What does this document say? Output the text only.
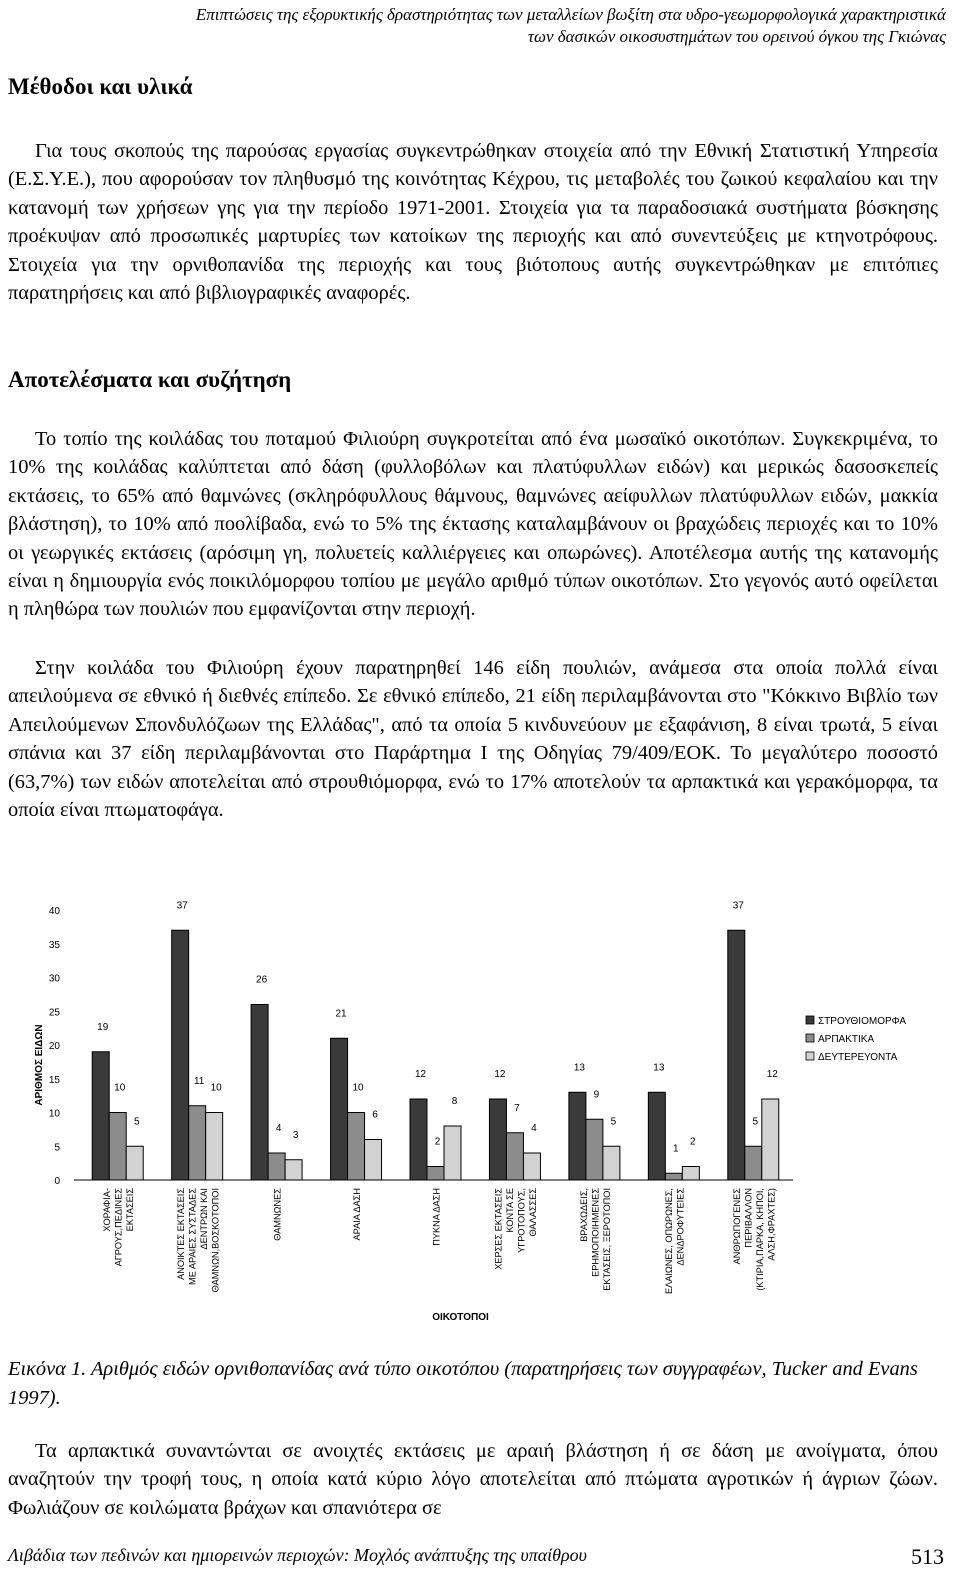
Επιπτώσεις της εξορυκτικής δραστηριότητας των μεταλλείων βωξίτη στα υδρο-γεωμορφολογικά χαρακτηριστικά
των δασικών οικοσυστημάτων του ορεινού όγκου της Γκιώνας
Μέθοδοι και υλικά

Για τους σκοπούς της παρούσας εργασίας συγκεντρώθηκαν στοιχεία από την Εθνική Στατιστική Υπηρεσία (Ε.Σ.Υ.Ε.), που αφορούσαν τον πληθυσμό της κοινότητας Κέχρου, τις μεταβολές του ζωικού κεφαλαίου και την κατανομή των χρήσεων γης για την περίοδο 1971-2001. Στοιχεία για τα παραδοσιακά συστήματα βόσκησης προέκυψαν από προσωπικές μαρτυρίες των κατοίκων της περιοχής και από συνεντεύξεις με κτηνοτρόφους. Στοιχεία για την ορνιθοπανίδα της περιοχής και τους βιότοπους αυτής συγκεντρώθηκαν με επιτόπιες παρατηρήσεις και από βιβλιογραφικές αναφορές.

Αποτελέσματα και συζήτηση

Το τοπίο της κοιλάδας του ποταμού Φιλιούρη συγκροτείται από ένα μωσαϊκό οικοτόπων. Συγκεκριμένα, το 10% της κοιλάδας καλύπτεται από δάση (φυλλοβόλων και πλατύφυλλων ειδών) και μερικώς δασοσκεπείς εκτάσεις, το 65% από θαμνώνες (σκληρόφυλλους θάμνους, θαμνώνες αείφυλλων πλατύφυλλων ειδών, μακκία βλάστηση), το 10% από ποολίβαδα, ενώ το 5% της έκτασης καταλαμβάνουν οι βραχώδεις περιοχές και το 10% οι γεωργικές εκτάσεις (αρόσιμη γη, πολυετείς καλλιέργειες και οπωρώνες). Αποτέλεσμα αυτής της κατανομής είναι η δημιουργία ενός ποικιλόμορφου τοπίου με μεγάλο αριθμό τύπων οικοτόπων. Στο γεγονός αυτό οφείλεται η πληθώρα των πουλιών που εμφανίζονται στην περιοχή.

Στην κοιλάδα του Φιλιούρη έχουν παρατηρηθεί 146 είδη πουλιών, ανάμεσα στα οποία πολλά είναι απειλούμενα σε εθνικό ή διεθνές επίπεδο. Σε εθνικό επίπεδο, 21 είδη περιλαμβάνονται στο "Κόκκινο Βιβλίο των Απειλούμενων Σπονδυλόζωων της Ελλάδας", από τα οποία 5 κινδυνεύουν με εξαφάνιση, 8 είναι τρωτά, 5 είναι σπάνια και 37 είδη περιλαμβάνονται στο Παράρτημα Ι της Οδηγίας 79/409/ΕΟΚ. Το μεγαλύτερο ποσοστό (63,7%) των ειδών αποτελείται από στρουθιόμορφα, ενώ το 17% αποτελούν τα αρπακτικά και γερακόμορφα, τα οποία είναι πτωματοφάγα.

0
5
10
15
20
25
30
35
40
ΑΡΙΘΜΟΣ ΕΙΔΩΝ	19
37
26
21
12	12
13	13
37
10
11
4
10
2
7
9
1
5
5
10
3
6
8
4
5
2
12
ΧΟΡΑΦΙΑ- ΑΓΡΟΥΣ,ΠΕΔΙΝΕΣ ΕΚΤΑΣΕΙΣ	ΑΝΟΙΚΤΕΣ ΕΚΤΑΣΕΙΣ ΜΕ ΑΡΑΙΕΣ ΣΥΣΤΑΔΕΣ ΔΕΝΤΡΩΝ ΚΑΙ ΘΑΜΝΩΝ,ΒΟΣΚΟΤΟΠΟΙ	ΘΑΜΝΩΝΕΣ	ΑΡΑΙΑ ΔΑΣΗ	ΠΥΚΝΑ ΔΑΣΗ	ΧΕΡΣΕΣ ΕΚΤΑΣΕΙΣ ΚΟΝΤΑ ΣΕ ΥΓΡΟΤΟΠΟΥΣ, ΘΑΛΑΣΣΕΣ	ΒΡΑΧΩΔΕΙΣ, ΕΡΗΜΟΠΟΙΗΜΕΝΕΣ ΕΚΤΑΣΕΙΣ, ΞΕΡΟΤΟΠΟΙ	ΕΛΑΙΩΝΕΣ, ΟΠΩΡΩΝΕΣ, ΔΕΝΔΡΟΦΥΤΕΙΕΣ	ΑΝΘΡΩΠΟΓΕΝΕΣ ΠΕΡΙΒΑΛΛΟΝ (ΚΤΙΡΙΑ,ΠΑΡΚΑ, ΚΗΠΟΙ, ΑΛΣΗ,ΦΡΑΧΤΕΣ)
ΟΙΚΟΤΟΠΟΙ
ΣΤΡΟΥΘΙΟΜΟΡΦΑ
ΑΡΠΑΚΤΙΚΑ
ΔΕΥΤΕΡΕΥΟΝΤΑ

Εικόνα 1. Αριθμός ειδών ορνιθοπανίδας ανά τύπο οικοτόπου (παρατηρήσεις των συγγραφέων, Tucker and Evans 1997).

Τα αρπακτικά συναντώνται σε ανοιχτές εκτάσεις με αραιή βλάστηση ή σε δάση με ανοίγματα, όπου αναζητούν την τροφή τους, η οποία κατά κύριο λόγο αποτελείται από πτώματα αγροτικών ή άγριων ζώων. Φωλιάζουν σε κοιλώματα βράχων και σπανιότερα σε

Λιβάδια των πεδινών και ημιορεινών περιοχών: Μοχλός ανάπτυξης της υπαίθρου	513
